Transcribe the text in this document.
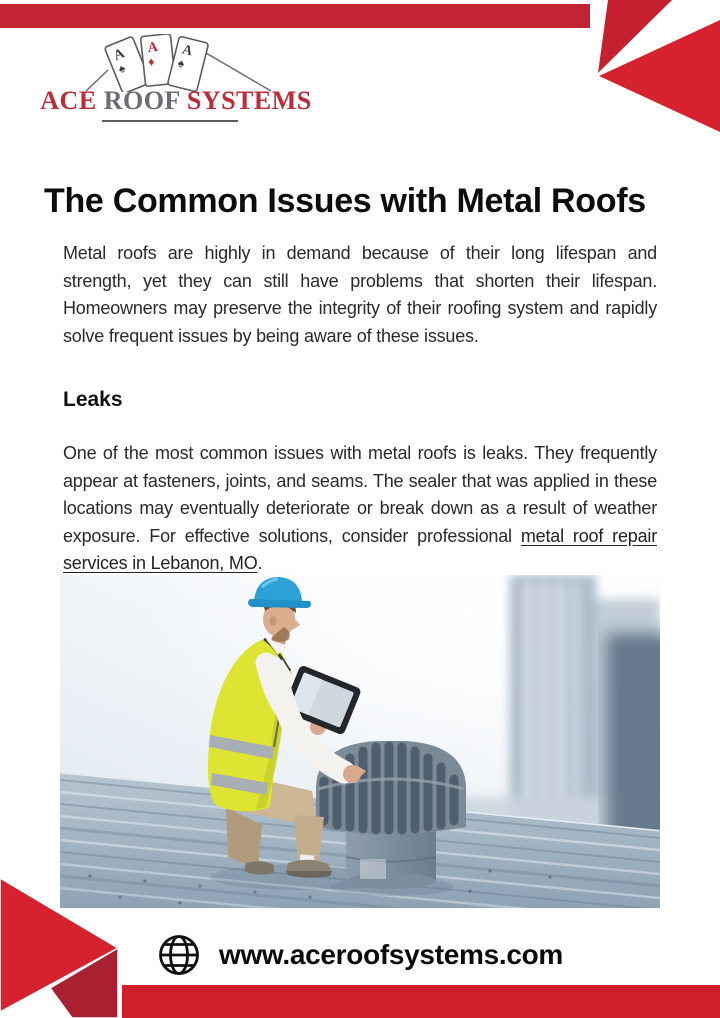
A
♠
A
♦
A
♠
ACE ROOF SYSTEMS
The Common Issues with Metal Roofs

Metal roofs are highly in demand because of their long lifespan and strength, yet they can still have problems that shorten their lifespan. Homeowners may preserve the integrity of their roofing system and rapidly solve frequent issues by being aware of these issues.

Leaks

One of the most common issues with metal roofs is leaks. They frequently appear at fasteners, joints, and seams. The sealer that was applied in these locations may eventually deteriorate or break down as a result of weather exposure. For effective solutions, consider professional metal roof repair services in Lebanon, MO.

www.aceroofsystems.com
